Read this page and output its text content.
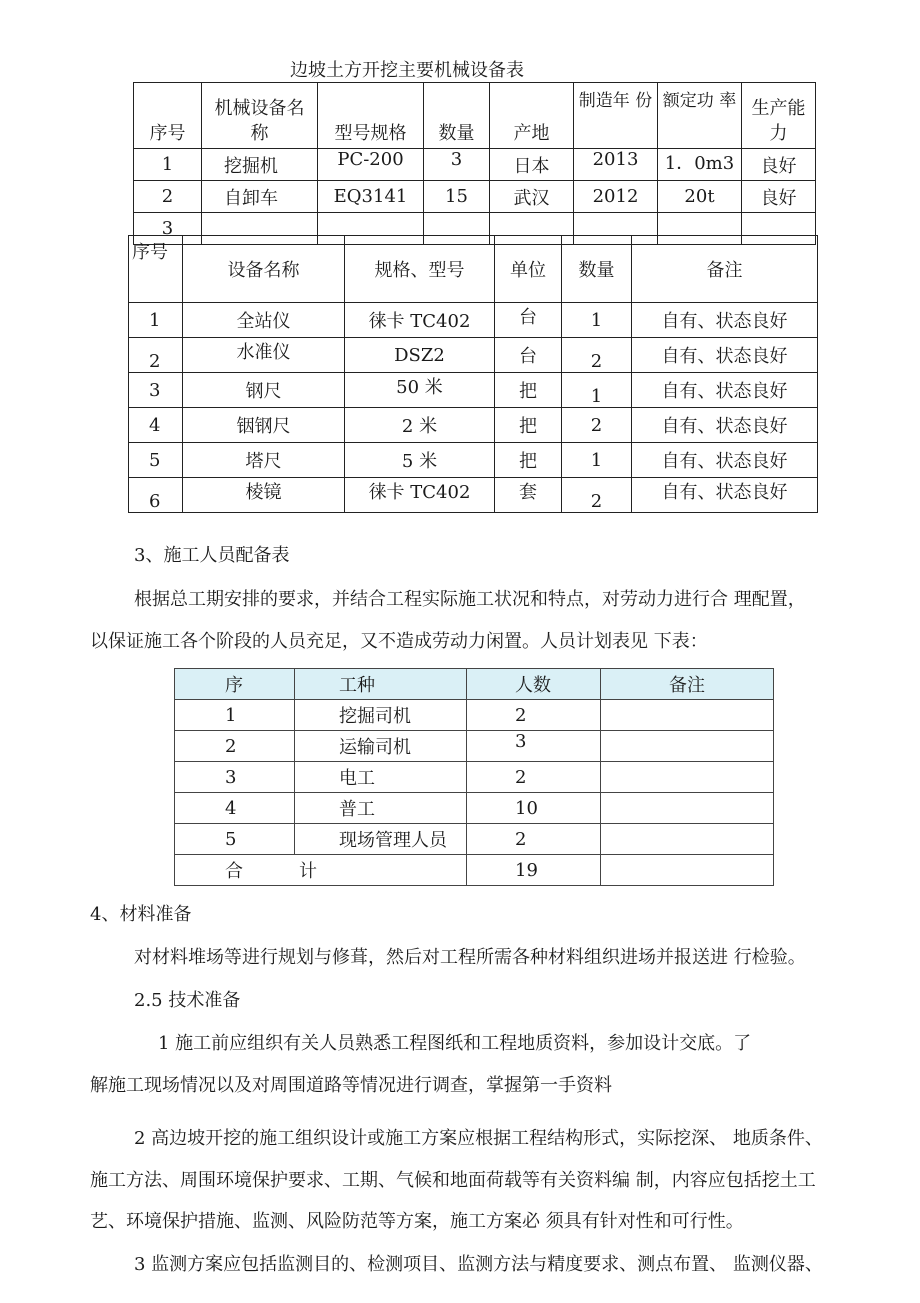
边坡土方开挖主要机械设备表
序号	机械设备名称	型号规格	数量	产地	制造年 份	额定功 率	生产能力
1	挖掘机	PC-200	3	日本	2013	1．0m3	良好
2	自卸车	EQ3141	15	武汉	2012	20t	良好
3							
序号	设备名称	规格、型号	单位	数量	备注
1	全站仪	徕卡 TC402	台	1	自有、状态良好
2	水准仪	DSZ2	台	2	自有、状态良好
3	钢尺	50 米	把	1	自有、状态良好
4	铟钢尺	2 米	把	2	自有、状态良好
5	塔尺	5 米	把	1	自有、状态良好
6	棱镜	徕卡 TC402	套	2	自有、状态良好
3、施工人员配备表
根据总工期安排的要求，并结合工程实际施工状况和特点，对劳动力进行合 理配置，
以保证施工各个阶段的人员充足，又不造成劳动力闲置。人员计划表见 下表：
序	工种	人数	备注
1	挖掘司机	2	
2	运输司机	3	
3	电工	2	
4	普工	10	
5	现场管理人员	2	
合计		19	
4、材料准备
对材料堆场等进行规划与修葺，然后对工程所需各种材料组织进场并报送进 行检验。
2.5 技术准备
1 施工前应组织有关人员熟悉工程图纸和工程地质资料，参加设计交底。了
解施工现场情况以及对周围道路等情况进行调查，掌握第一手资料
2 高边坡开挖的施工组织设计或施工方案应根据工程结构形式，实际挖深、 地质条件、
施工方法、周围环境保护要求、工期、气候和地面荷载等有关资料编 制，内容应包括挖土工
艺、环境保护措施、监测、风险防范等方案，施工方案必 须具有针对性和可行性。
3 监测方案应包括监测目的、检测项目、监测方法与精度要求、测点布置、 监测仪器、
